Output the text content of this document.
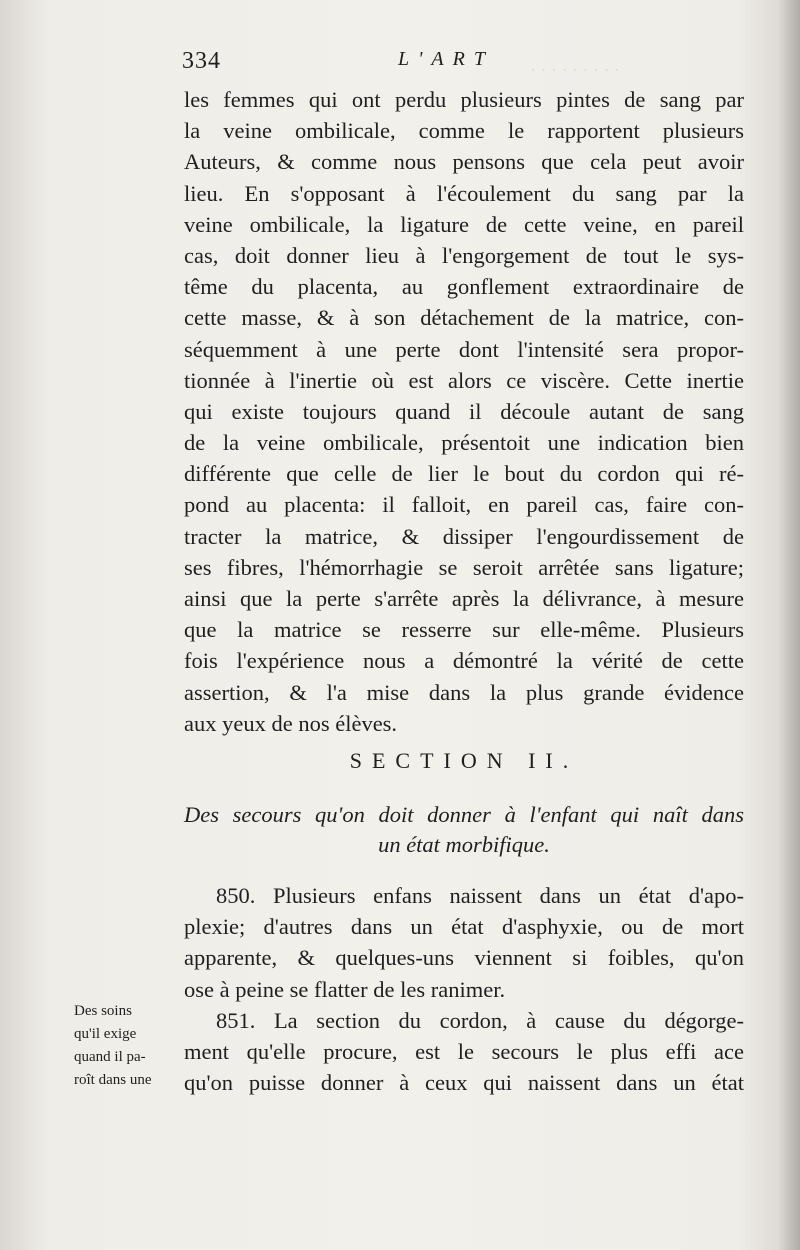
· · · · · · · · ·
334	L'ART
les femmes qui ont perdu plusieurs pintes de sang par
la veine ombilicale, comme le rapportent plusieurs
Auteurs, & comme nous pensons que cela peut avoir
lieu. En s'opposant à l'écoulement du sang par la
veine ombilicale, la ligature de cette veine, en pareil
cas, doit donner lieu à l'engorgement de tout le sys-
tême du placenta, au gonflement extraordinaire de
cette masse, & à son détachement de la matrice, con-
séquemment à une perte dont l'intensité sera propor-
tionnée à l'inertie où est alors ce viscère. Cette inertie
qui existe toujours quand il découle autant de sang
de la veine ombilicale, présentoit une indication bien
différente que celle de lier le bout du cordon qui ré-
pond au placenta: il falloit, en pareil cas, faire con-
tracter la matrice, & dissiper l'engourdissement de
ses fibres, l'hémorrhagie se seroit arrêtée sans ligature;
ainsi que la perte s'arrête après la délivrance, à mesure
que la matrice se resserre sur elle-même. Plusieurs
fois l'expérience nous a démontré la vérité de cette
assertion, & l'a mise dans la plus grande évidence
aux yeux de nos élèves.
SECTION II.
Des secours qu'on doit donner à l'enfant qui naît dans
un état morbifique.
850. Plusieurs enfans naissent dans un état d'apo-
plexie; d'autres dans un état d'asphyxie, ou de mort
apparente, & quelques-uns viennent si foibles, qu'on
ose à peine se flatter de les ranimer.
Des soins
qu'il exige
quand il pa-
roît dans une
851. La section du cordon, à cause du dégorge-
ment qu'elle procure, est le secours le plus effi ace
qu'on puisse donner à ceux qui naissent dans un état
